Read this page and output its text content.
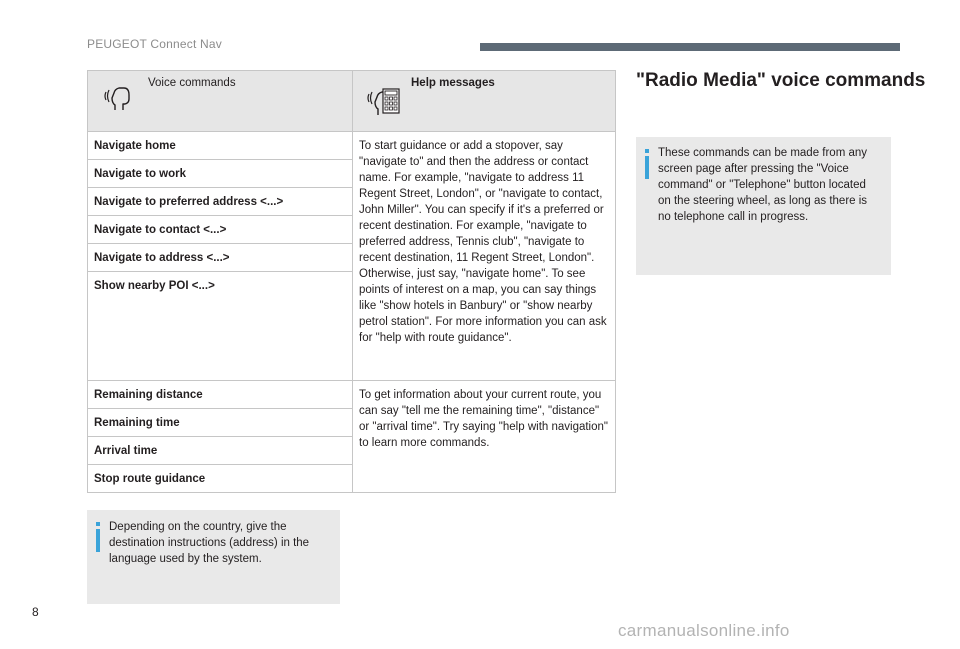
PEUGEOT Connect Nav
Voice commands	Help messages

Navigate home	To start guidance or add a stopover, say "navigate to" and then the address or contact name. For example, "navigate to address 11 Regent Street, London", or "navigate to contact, John Miller". You can specify if it's a preferred or recent destination. For example, "navigate to preferred address, Tennis club", "navigate to recent destination, 11 Regent Street, London". Otherwise, just say, "navigate home". To see points of interest on a map, you can say things like "show hotels in Banbury" or "show nearby petrol station". For more information you can ask for "help with route guidance".
Navigate to work	
Navigate to preferred address <...>	
Navigate to contact <...>	
Navigate to address <...>	
Show nearby POI <...>	
Remaining distance	To get information about your current route, you can say "tell me the remaining time", "distance" or "arrival time". Try saying "help with navigation" to learn more commands.
Remaining time	
Arrival time	
Stop route guidance	
Depending on the country, give the destination instructions (address) in the language used by the system.
"Radio Media" voice commands
These commands can be made from any screen page after pressing the "Voice command" or "Telephone" button located on the steering wheel, as long as there is no telephone call in progress.
8
carmanualsonline.info
